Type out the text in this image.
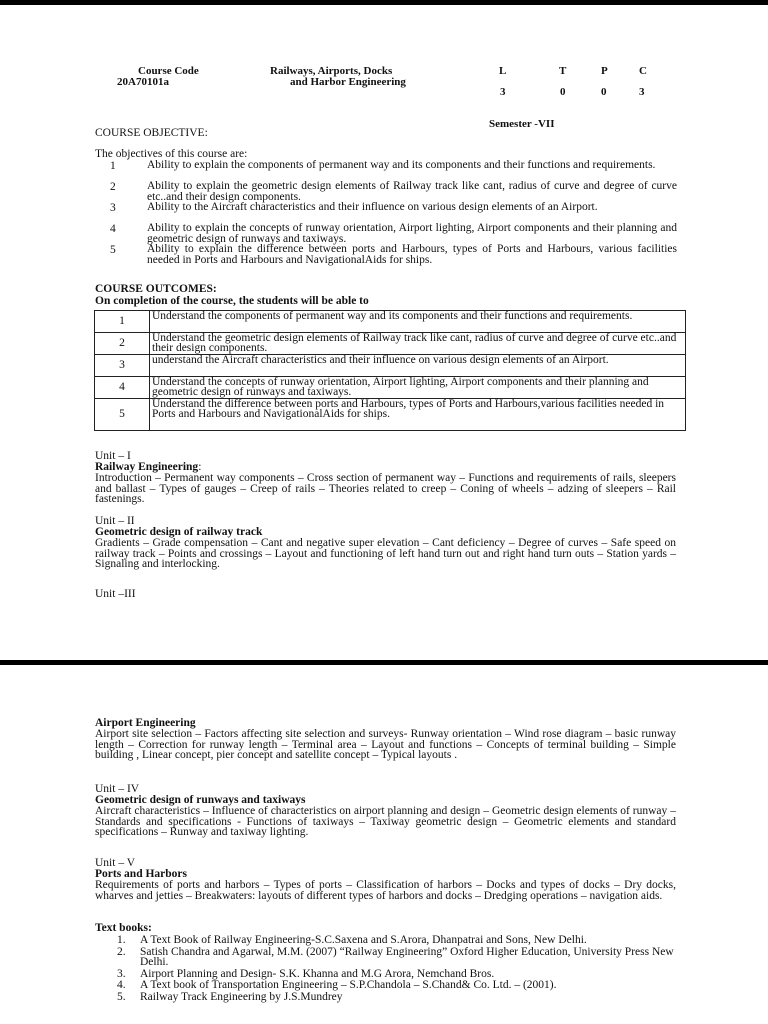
Course Code
20A70101a
Railways, Airports, Docks
and Harbor Engineering
L	T	P	C
3	0	0	3
Semester -VII
COURSE OBJECTIVE:
The objectives of this course are:
1	Ability to explain the components of permanent way and its components and their functions and requirements.
2	Ability to explain the geometric design elements of Railway track like cant, radius of curve and degree of curve etc..and their design components.
3	Ability to the Aircraft characteristics and their influence on various design elements of an Airport.
4	Ability to explain the concepts of runway orientation, Airport lighting, Airport components and their planning and geometric design of runways and taxiways.
5	Ability to explain the difference between ports and Harbours, types of Ports and Harbours, various facilities needed in Ports and Harbours and NavigationalAids for ships.
COURSE OUTCOMES:
On completion of the course, the students will be able to
1	Understand the components of permanent way and its components and their functions and requirements.
2	Understand the geometric design elements of Railway track like cant, radius of curve and degree of curve etc..and their design components.
3	understand the Aircraft characteristics and their influence on various design elements of an Airport.
4	Understand the concepts of runway orientation, Airport lighting, Airport components and their planning and geometric design of runways and taxiways.
5	Understand the difference between ports and Harbours, types of Ports and Harbours,various facilities needed in Ports and Harbours and NavigationalAids for ships.
Unit – I
Railway Engineering:
Introduction – Permanent way components – Cross section of permanent way – Functions and requirements of rails, sleepers and ballast – Types of gauges – Creep of rails – Theories related to creep – Coning of wheels – adzing of sleepers – Rail fastenings.
Unit – II
Geometric design of railway track
Gradients – Grade compensation – Cant and negative super elevation – Cant deficiency – Degree of curves – Safe speed on railway track – Points and crossings – Layout and functioning of left hand turn out and right hand turn outs – Station yards – Signaling and interlocking.
Unit –III
Airport Engineering
Airport site selection – Factors affecting site selection and surveys- Runway orientation – Wind rose diagram – basic runway length – Correction for runway length – Terminal area – Layout and functions – Concepts of terminal building – Simple building , Linear concept, pier concept and satellite concept – Typical layouts .
Unit – IV
Geometric design of runways and taxiways
Aircraft characteristics – Influence of characteristics on airport planning and design – Geometric design elements of runway – Standards and specifications - Functions of taxiways – Taxiway geometric design – Geometric elements and standard specifications – Runway and taxiway lighting.
Unit – V
Ports and Harbors
Requirements of ports and harbors – Types of ports – Classification of harbors – Docks and types of docks – Dry docks, wharves and jetties – Breakwaters: layouts of different types of harbors and docks – Dredging operations – navigation aids.
Text books:
1. A Text Book of Railway Engineering-S.C.Saxena and S.Arora, Dhanpatrai and Sons, New Delhi.
2. Satish Chandra and Agarwal, M.M. (2007) “Railway Engineering” Oxford Higher Education, University Press New Delhi.
3. Airport Planning and Design- S.K. Khanna and M.G Arora, Nemchand Bros.
4. A Text book of Transportation Engineering – S.P.Chandola – S.Chand& Co. Ltd. – (2001).
5. Railway Track Engineering by J.S.Mundrey
